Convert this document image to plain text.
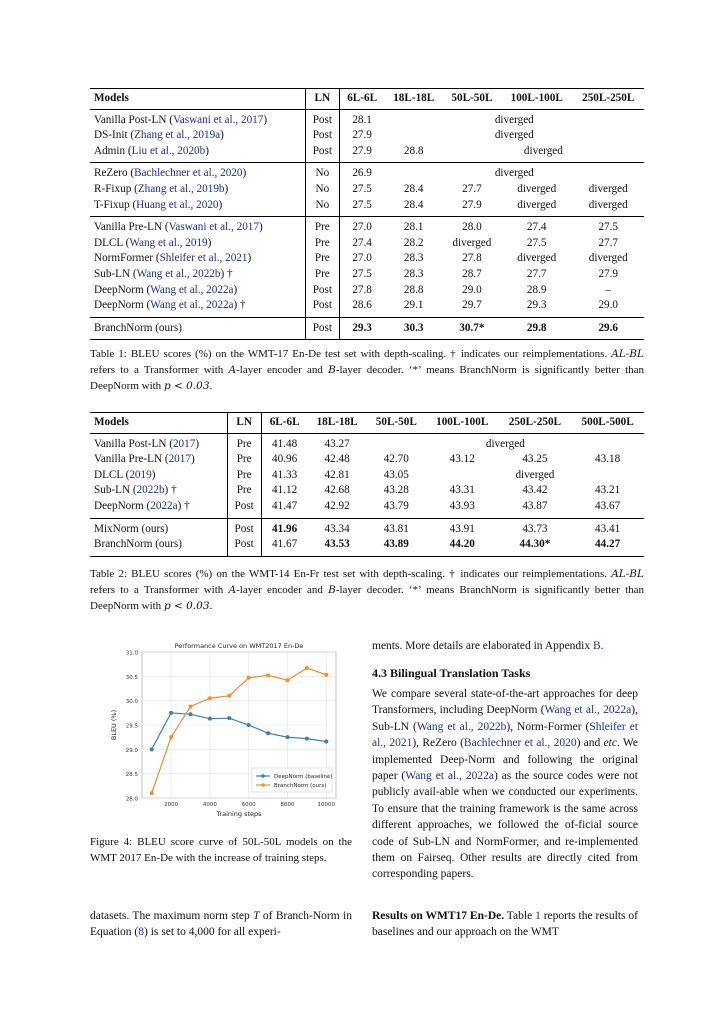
Models	LN	6L-6L	18L-18L	50L-50L	100L-100L	250L-250L
Vanilla Post-LN (Vaswani et al., 2017)	Post	28.1	diverged			
DS-Init (Zhang et al., 2019a)	Post	27.9	diverged			
Admin (Liu et al., 2020b)	Post	27.9	28.8	diverged		
ReZero (Bachlechner et al., 2020)	No	26.9	diverged			
R-Fixup (Zhang et al., 2019b)	No	27.5	28.4	27.7	diverged	diverged
T-Fixup (Huang et al., 2020)	No	27.5	28.4	27.9	diverged	diverged
Vanilla Pre-LN (Vaswani et al., 2017)	Pre	27.0	28.1	28.0	27.4	27.5
DLCL (Wang et al., 2019)	Pre	27.4	28.2	diverged	27.5	27.7
NormFormer (Shleifer et al., 2021)	Pre	27.0	28.3	27.8	diverged	diverged
Sub-LN (Wang et al., 2022b) †	Pre	27.5	28.3	28.7	27.7	27.9
DeepNorm (Wang et al., 2022a)	Post	27.8	28.8	29.0	28.9	–
DeepNorm (Wang et al., 2022a) †	Post	28.6	29.1	29.7	29.3	29.0
BranchNorm (ours)	Post	29.3	30.3	30.7*	29.8	29.6
Table 1: BLEU scores (%) on the WMT-17 En-De test set with depth-scaling. † indicates our reimplementations. AL-BL refers to a Transformer with A-layer encoder and B-layer decoder. ‘*’ means BranchNorm is significantly better than DeepNorm with p < 0.03.
Models	LN	6L-6L	18L-18L	50L-50L	100L-100L	250L-250L	500L-500L
Vanilla Post-LN (2017)	Pre	41.48	43.27	diverged			
Vanilla Pre-LN (2017)	Pre	40.96	42.48	42.70	43.12	43.25	43.18
DLCL (2019)	Pre	41.33	42.81	43.05	diverged		
Sub-LN (2022b) †	Pre	41.12	42.68	43.28	43.31	43.42	43.21
DeepNorm (2022a) †	Post	41.47	42.92	43.79	43.93	43.87	43.67
MixNorm (ours)	Post	41.96	43.34	43.81	43.91	43.73	43.41
BranchNorm (ours)	Post	41.67	43.53	43.89	44.20	44.30*	44.27
Table 2: BLEU scores (%) on the WMT-14 En-Fr test set with depth-scaling. † indicates our reimplementations. AL-BL refers to a Transformer with A-layer encoder and B-layer decoder. ‘*’ means BranchNorm is significantly better than DeepNorm with p < 0.03.
28.0
28.5
29.0
29.5
30.0
30.5
31.0
2000	4000	6000	8000	10000
Performance Curve on WMT2017 En-De
Training steps
BLEU (%)
DeepNorm (baseline)
BranchNorm (ours)
Figure 4: BLEU score curve of 50L-50L models on the WMT 2017 En-De with the increase of training steps.
datasets. The maximum norm step T of Branch-Norm in Equation (8) is set to 4,000 for all experi-
ments. More details are elaborated in Appendix B.
4.3 Bilingual Translation Tasks
We compare several state-of-the-art approaches for deep Transformers, including DeepNorm (Wang et al., 2022a), Sub-LN (Wang et al., 2022b), Norm-Former (Shleifer et al., 2021), ReZero (Bachlechner et al., 2020) and etc. We implemented Deep-Norm and following the original paper (Wang et al., 2022a) as the source codes were not publicly avail-able when we conducted our experiments. To ensure that the training framework is the same across different approaches, we followed the of-ficial source code of Sub-LN and NormFormer, and re-implemented them on Fairseq. Other results are directly cited from corresponding papers.
Results on WMT17 En-De. Table 1 reports the results of baselines and our approach on the WMT
